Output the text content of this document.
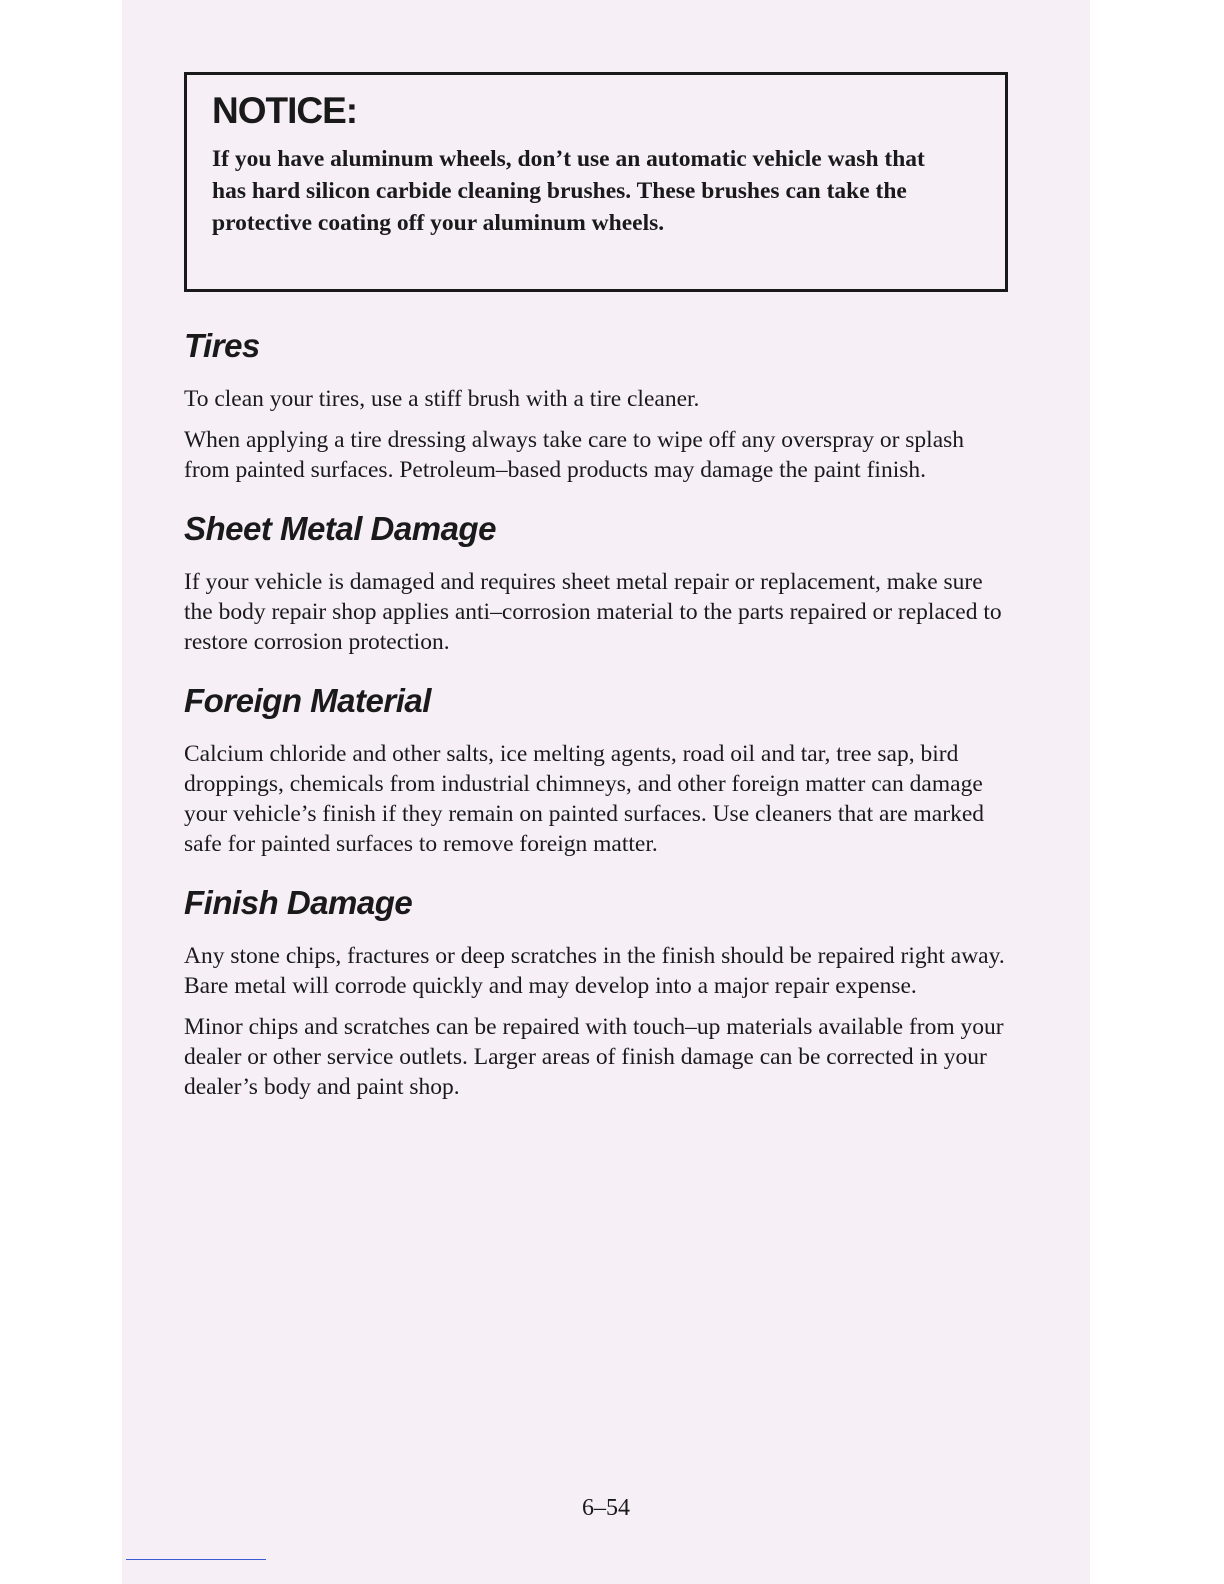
NOTICE:

If you have aluminum wheels, don’t use an automatic vehicle wash that has hard silicon carbide cleaning brushes. These brushes can take the protective coating off your aluminum wheels.

Tires

To clean your tires, use a stiff brush with a tire cleaner.

When applying a tire dressing always take care to wipe off any overspray or splash from painted surfaces. Petroleum–based products may damage the paint finish.

Sheet Metal Damage

If your vehicle is damaged and requires sheet metal repair or replacement, make sure the body repair shop applies anti–corrosion material to the parts repaired or replaced to restore corrosion protection.

Foreign Material

Calcium chloride and other salts, ice melting agents, road oil and tar, tree sap, bird droppings, chemicals from industrial chimneys, and other foreign matter can damage your vehicle’s finish if they remain on painted surfaces. Use cleaners that are marked safe for painted surfaces to remove foreign matter.

Finish Damage

Any stone chips, fractures or deep scratches in the finish should be repaired right away. Bare metal will corrode quickly and may develop into a major repair expense.

Minor chips and scratches can be repaired with touch–up materials available from your dealer or other service outlets. Larger areas of finish damage can be corrected in your dealer’s body and paint shop.

6–54
